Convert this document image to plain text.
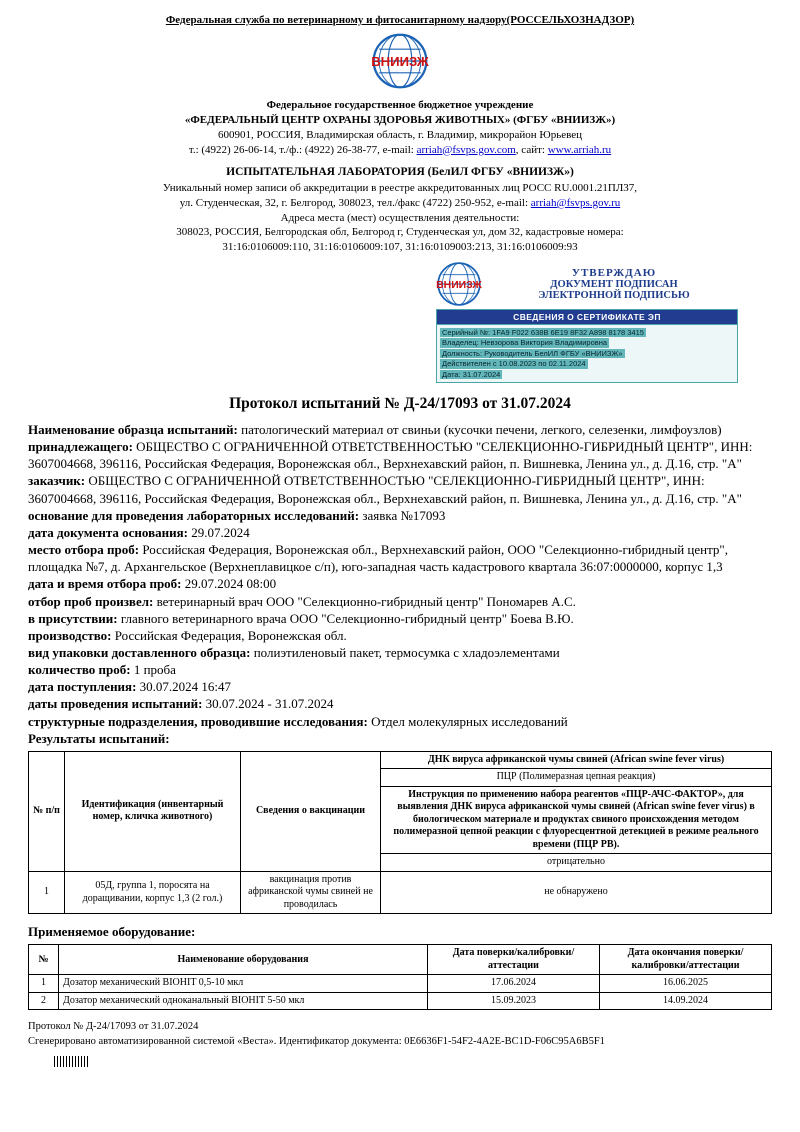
Федеральная служба по ветеринарному и фитосанитарному надзору(РОССЕЛЬХОЗНАДЗОР)
Федеральное государственное бюджетное учреждение
«ФЕДЕРАЛЬНЫЙ ЦЕНТР ОХРАНЫ ЗДОРОВЬЯ ЖИВОТНЫХ» (ФГБУ «ВНИИЗЖ»)
600901, РОССИЯ, Владимирская область, г. Владимир, микрорайон Юрьевец
т.: (4922) 26-06-14, т./ф.: (4922) 26-38-77, e-mail: arriah@fsvps.gov.com, сайт: www.arriah.ru
ИСПЫТАТЕЛЬНАЯ ЛАБОРАТОРИЯ (БелИЛ ФГБУ «ВНИИЗЖ»)
Уникальный номер записи об аккредитации в реестре аккредитованных лиц РОСС RU.0001.21ПЛ37,
ул. Студенческая, 32, г. Белгород, 308023, тел./факс (4722) 250-952, e-mail: arriah@fsvps.gov.ru
Адреса места (мест) осуществления деятельности:
308023, РОССИЯ, Белгородская обл, Белгород г, Студенческая ул, дом 32, кадастровые номера:
31:16:0106009:110, 31:16:0106009:107, 31:16:0109003:213, 31:16:0106009:93
УТВЕРЖДАЮ
ДОКУМЕНТ ПОДПИСАН
ЭЛЕКТРОННОЙ ПОДПИСЬЮ
СВЕДЕНИЯ О СЕРТИФИКАТЕ ЭП
Серийный №: 1FA9 F022 638B 6E19 8F32 A898 8178 3415
Владелец: Невзорова Виктория Владимировна
Должность: Руководитель БелИЛ ФГБУ «ВНИИЗЖ»
Действителен с 10.08.2023 по 02.11.2024
Дата: 31.07.2024
Протокол испытаний № Д-24/17093 от 31.07.2024

Наименование образца испытаний: патологический материал от свиньи (кусочки печени, легкого, селезенки, лимфоузлов)

принадлежащего: ОБЩЕСТВО С ОГРАНИЧЕННОЙ ОТВЕТСТВЕННОСТЬЮ "СЕЛЕКЦИОННО-ГИБРИДНЫЙ ЦЕНТР", ИНН: 3607004668, 396116, Российская Федерация, Воронежская обл., Верхнехавский район, п. Вишневка, Ленина ул., д. Д.16, стр. "А"

заказчик: ОБЩЕСТВО С ОГРАНИЧЕННОЙ ОТВЕТСТВЕННОСТЬЮ "СЕЛЕКЦИОННО-ГИБРИДНЫЙ ЦЕНТР", ИНН: 3607004668, 396116, Российская Федерация, Воронежская обл., Верхнехавский район, п. Вишневка, Ленина ул., д. Д.16, стр. "А"

основание для проведения лабораторных исследований: заявка №17093

дата документа основания: 29.07.2024

место отбора проб: Российская Федерация, Воронежская обл., Верхнехавский район, ООО "Селекционно-гибридный центр", площадка №7, д. Архангельское (Верхнеплавицкое с/п), юго-западная часть кадастрового квартала 36:07:0000000, корпус 1,3

дата и время отбора проб: 29.07.2024 08:00

отбор проб произвел: ветеринарный врач ООО "Селекционно-гибридный центр" Пономарев А.С.

в присутствии: главного ветеринарного врача ООО "Селекционно-гибридный центр" Боева В.Ю.

производство: Российская Федерация, Воронежская обл.

вид упаковки доставленного образца: полиэтиленовый пакет, термосумка с хладоэлементами

количество проб: 1 проба

дата поступления: 30.07.2024 16:47

даты проведения испытаний: 30.07.2024 - 31.07.2024

структурные подразделения, проводившие исследования: Отдел молекулярных исследований

Результаты испытаний:

№ п/п	Идентификация (инвентарный номер, кличка животного)	Сведения о вакцинации	ДНК вируса африканской чумы свиней (African swine fever virus)
			ПЦР (Полимеразная цепная реакция)
			Инструкция по применению набора реагентов «ПЦР-АЧС-ФАКТОР», для выявления ДНК вируса африканской чумы свиней (African swine fever virus) в биологическом материале и продуктах свиного происхождения методом полимеразной цепной реакции с флуоресцентной детекцией в режиме реального времени (ПЦР РВ).
			отрицательно
1	05Д, группа 1, поросята на доращивании, корпус 1,3 (2 гол.)	вакцинация против африканской чумы свиней не проводилась	не обнаружено

Применяемое оборудование:

№	Наименование оборудования	Дата поверки/калибровки/аттестации	Дата окончания поверки/калибровки/аттестации
1	Дозатор механический BIOHIT 0,5-10 мкл	17.06.2024	16.06.2025
2	Дозатор механический одноканальный BIOHIT 5-50 мкл	15.09.2023	14.09.2024

Протокол № Д-24/17093 от 31.07.2024

Сгенерировано автоматизированной системой «Веста». Идентификатор документа: 0E6636F1-54F2-4A2E-BC1D-F06C95A6B5F1
